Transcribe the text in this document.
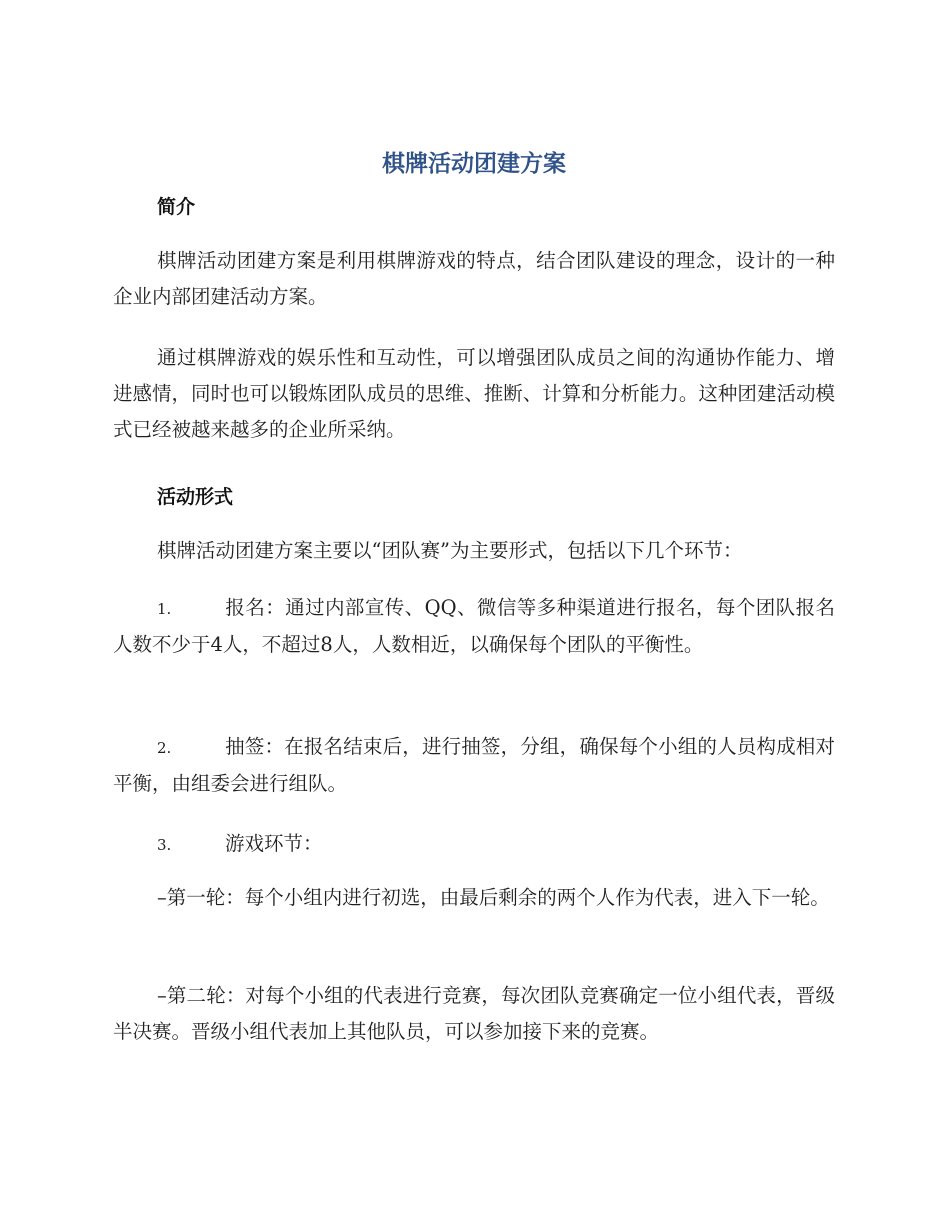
棋牌活动团建方案
简介

棋牌活动团建方案是利用棋牌游戏的特点，结合团队建设的理念，设计的一种企业内部团建活动方案。

通过棋牌游戏的娱乐性和互动性，可以增强团队成员之间的沟通协作能力、增进感情，同时也可以锻炼团队成员的思维、推断、计算和分析能力。这种团建活动模式已经被越来越多的企业所采纳。

活动形式

棋牌活动团建方案主要以“团队赛”为主要形式，包括以下几个环节：

1.	报名：通过内部宣传、QQ、微信等多种渠道进行报名，每个团队报名人数不少于4人，不超过8人，人数相近，以确保每个团队的平衡性。

2.	抽签：在报名结束后，进行抽签，分组，确保每个小组的人员构成相对平衡，由组委会进行组队。

3.	游戏环节：

–第一轮：每个小组内进行初选，由最后剩余的两个人作为代表，进入下一轮。

–第二轮：对每个小组的代表进行竞赛，每次团队竞赛确定一位小组代表，晋级半决赛。晋级小组代表加上其他队员，可以参加接下来的竞赛。
